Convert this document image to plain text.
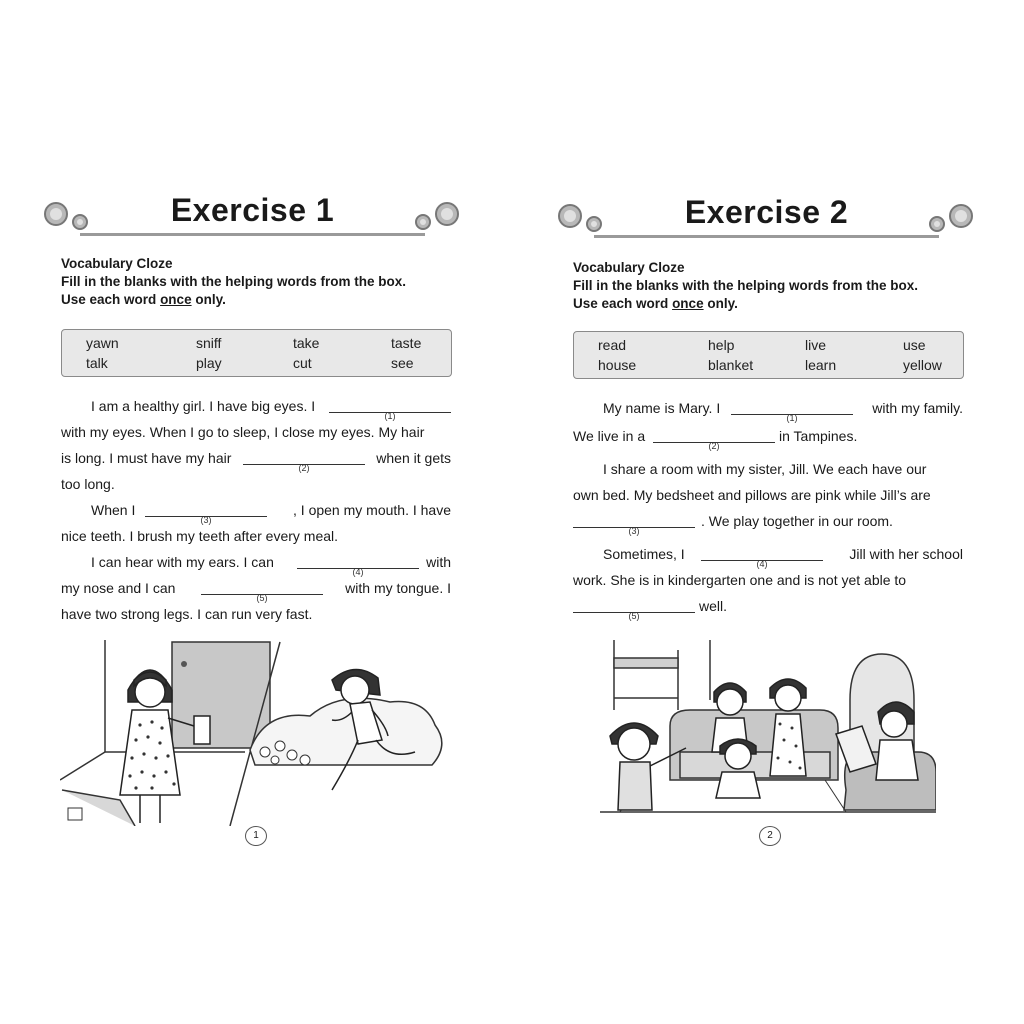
Exercise 1
Vocabulary Cloze
Fill in the blanks with the helping words from the box.
Use each word once only.
yawn	sniff	take	taste
talk	play	cut	see
I am a healthy girl. I have big eyes. I
(1)
with my eyes. When I go to sleep, I close my eyes. My hair
is long. I must have my hair
(2)
when it gets
too long.
When I
(3)
, I open my mouth. I have
nice teeth. I brush my teeth after every meal.
I can hear with my ears. I can
(4)
with
my nose and I can
(5)
with my tongue. I
have two strong legs. I can run very fast.
1
Exercise 2
Vocabulary Cloze
Fill in the blanks with the helping words from the box.
Use each word once only.
read	help	live	use
house	blanket	learn	yellow
My name is Mary. I
(1)
with my family.
We live in a
(2)
in Tampines.
I share a room with my sister, Jill. We each have our
own bed. My bedsheet and pillows are pink while Jill’s are
(3)
. We play together in our room.
Sometimes, I
(4)
Jill with her school
work. She is in kindergarten one and is not yet able to
(5)
well.
2
